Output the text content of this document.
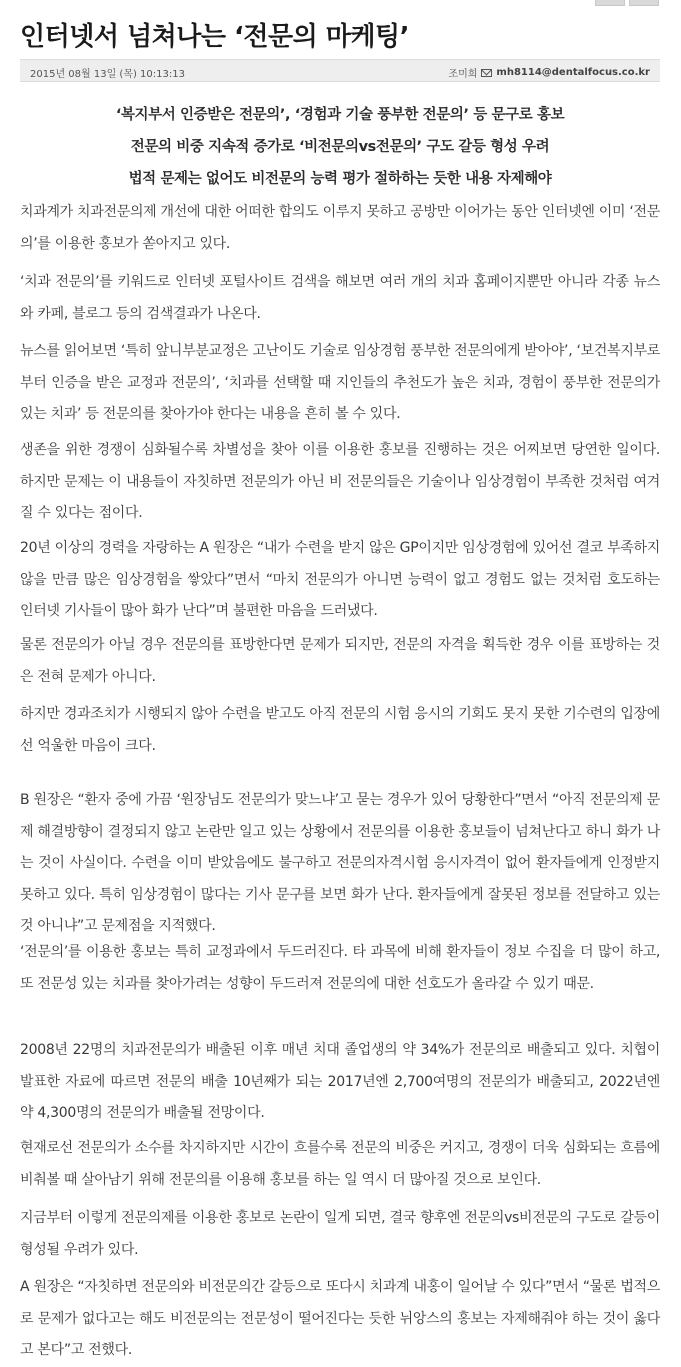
인터넷서 넘쳐나는 ‘전문의 마케팅’
2015년 08월 13일 (목) 10:13:13	조미희 mh8114@dentalfocus.co.kr

‘복지부서 인증받은 전문의’, ‘경험과 기술 풍부한 전문의’ 등 문구로 홍보

전문의 비중 지속적 증가로 ‘비전문의vs전문의’ 구도 갈등 형성 우려

법적 문제는 없어도 비전문의 능력 평가 절하하는 듯한 내용 자제해야

치과계가 치과전문의제 개선에 대한 어떠한 합의도 이루지 못하고 공방만 이어가는 동안 인터넷엔 이미 ‘전문의’를 이용한 홍보가 쏟아지고 있다.

‘치과 전문의’를 키워드로 인터넷 포털사이트 검색을 해보면 여러 개의 치과 홈페이지뿐만 아니라 각종 뉴스와 카페, 블로그 등의 검색결과가 나온다.

뉴스를 읽어보면 ‘특히 앞니부분교정은 고난이도 기술로 임상경험 풍부한 전문의에게 받아야’, ‘보건복지부로부터 인증을 받은 교정과 전문의’, ‘치과를 선택할 때 지인들의 추천도가 높은 치과, 경험이 풍부한 전문의가 있는 치과’ 등 전문의를 찾아가야 한다는 내용을 흔히 볼 수 있다.

생존을 위한 경쟁이 심화될수록 차별성을 찾아 이를 이용한 홍보를 진행하는 것은 어찌보면 당연한 일이다. 하지만 문제는 이 내용들이 자칫하면 전문의가 아닌 비 전문의들은 기술이나 임상경험이 부족한 것처럼 여겨질 수 있다는 점이다.

20년 이상의 경력을 자랑하는 A 원장은 “내가 수련을 받지 않은 GP이지만 임상경험에 있어선 결코 부족하지 않을 만큼 많은 임상경험을 쌓았다”면서 “마치 전문의가 아니면 능력이 없고 경험도 없는 것처럼 호도하는 인터넷 기사들이 많아 화가 난다”며 불편한 마음을 드러냈다.

물론 전문의가 아닐 경우 전문의를 표방한다면 문제가 되지만, 전문의 자격을 획득한 경우 이를 표방하는 것은 전혀 문제가 아니다.

하지만 경과조치가 시행되지 않아 수련을 받고도 아직 전문의 시험 응시의 기회도 못지 못한 기수련의 입장에선 억울한 마음이 크다.

B 원장은 “환자 중에 가끔 ‘원장님도 전문의가 맞느냐’고 묻는 경우가 있어 당황한다”면서 “아직 전문의제 문제 해결방향이 결정되지 않고 논란만 일고 있는 상황에서 전문의를 이용한 홍보들이 넘쳐난다고 하니 화가 나는 것이 사실이다. 수련을 이미 받았음에도 불구하고 전문의자격시험 응시자격이 없어 환자들에게 인정받지 못하고 있다. 특히 임상경험이 많다는 기사 문구를 보면 화가 난다. 환자들에게 잘못된 정보를 전달하고 있는 것 아니냐”고 문제점을 지적했다.

‘전문의’를 이용한 홍보는 특히 교정과에서 두드러진다. 타 과목에 비해 환자들이 정보 수집을 더 많이 하고, 또 전문성 있는 치과를 찾아가려는 성향이 두드러져 전문의에 대한 선호도가 올라갈 수 있기 때문.

2008년 22명의 치과전문의가 배출된 이후 매년 치대 졸업생의 약 34%가 전문의로 배출되고 있다. 치협이 발표한 자료에 따르면 전문의 배출 10년째가 되는 2017년엔 2,700여명의 전문의가 배출되고, 2022년엔 약 4,300명의 전문의가 배출될 전망이다.

현재로선 전문의가 소수를 차지하지만 시간이 흐를수록 전문의 비중은 커지고, 경쟁이 더욱 심화되는 흐름에 비춰볼 때 살아남기 위해 전문의를 이용해 홍보를 하는 일 역시 더 많아질 것으로 보인다.

지금부터 이렇게 전문의제를 이용한 홍보로 논란이 일게 되면, 결국 향후엔 전문의vs비전문의 구도로 갈등이 형성될 우려가 있다.

A 원장은 “자칫하면 전문의와 비전문의간 갈등으로 또다시 치과계 내홍이 일어날 수 있다”면서 “물론 법적으로 문제가 없다고는 해도 비전문의는 전문성이 떨어진다는 듯한 뉘앙스의 홍보는 자제해줘야 하는 것이 옳다고 본다”고 전했다.
